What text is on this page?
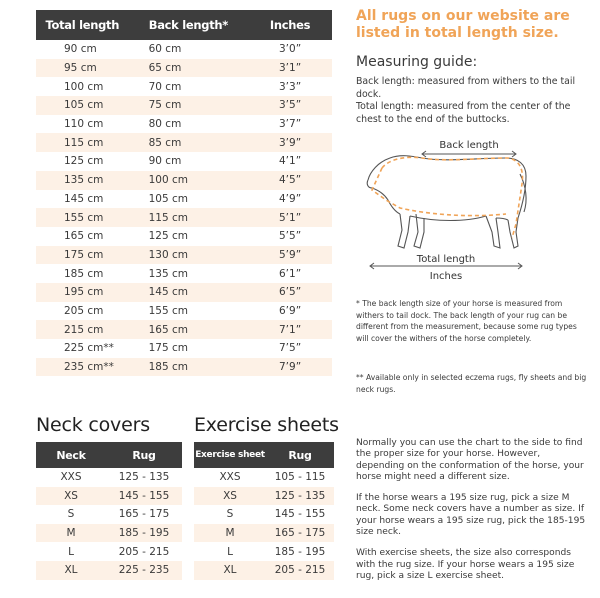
Total length	Back length*	Inches
90 cm	60 cm	3’0”
95 cm	65 cm	3’1”
100 cm	70 cm	3’3”
105 cm	75 cm	3’5”
110 cm	80 cm	3’7”
115 cm	85 cm	3’9”
125 cm	90 cm	4’1”
135 cm	100 cm	4’5”
145 cm	105 cm	4’9”
155 cm	115 cm	5’1”
165 cm	125 cm	5’5”
175 cm	130 cm	5’9”
185 cm	135 cm	6’1”
195 cm	145 cm	6’5”
205 cm	155 cm	6’9”
215 cm	165 cm	7’1”
225 cm**	175 cm	7’5”
235 cm**	185 cm	7’9”
All rugs on our website are listed in total length size.
Measuring guide:
Back length: measured from withers to the tail dock.
Total length: measured from the center of the chest to the end of the buttocks.
Back length
Total length
Inches
* The back length size of your horse is measured from withers to tail dock. The back length of your rug can be different from the measurement, because some rug types will cover the withers of the horse completely.
** Available only in selected eczema rugs, fly sheets and big neck rugs.
Neck covers
Neck	Rug
XXS	125 - 135
XS	145 - 155
S	165 - 175
M	185 - 195
L	205 - 215
XL	225 - 235
Exercise sheets
Exercise sheet	Rug
XXS	105 - 115
XS	125 - 135
S	145 - 155
M	165 - 175
L	185 - 195
XL	205 - 215

Normally you can use the chart to the side to find the proper size for your horse. However, depending on the conformation of the horse, your horse might need a different size.

If the horse wears a 195 size rug, pick a size M neck. Some neck covers have a number as size. If your horse wears a 195 size rug, pick the 185-195 size neck.

With exercise sheets, the size also corresponds with the rug size. If your horse wears a 195 size rug, pick a size L exercise sheet.
